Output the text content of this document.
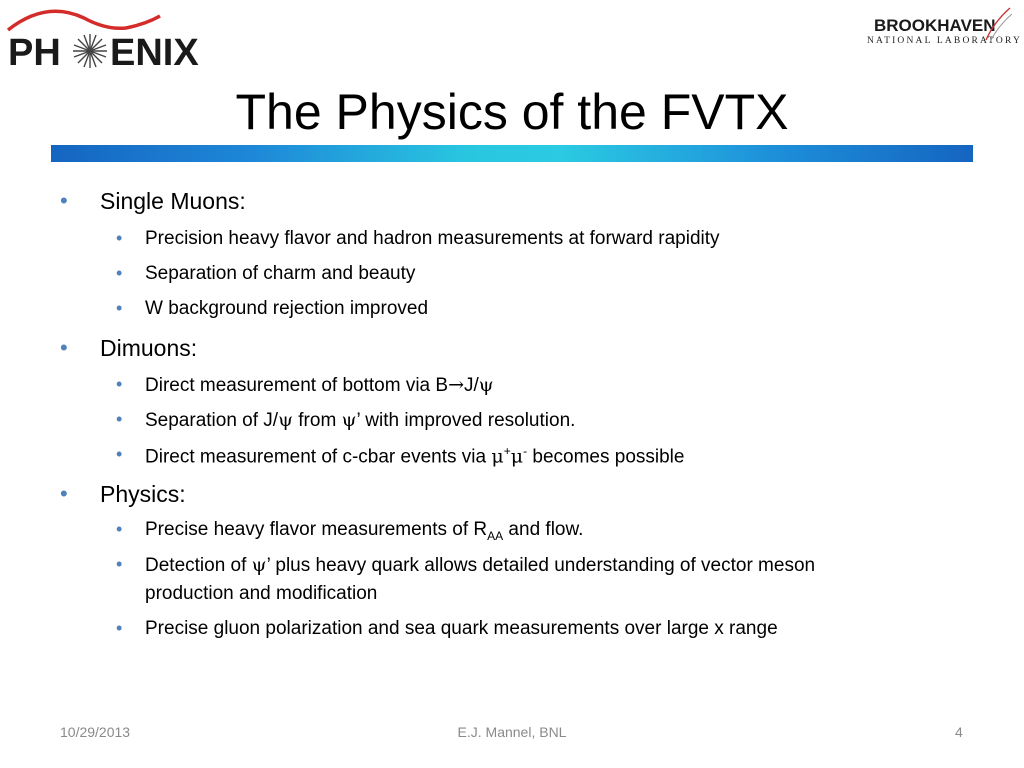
PH ENIX
BROOKHAVEN
NATIONAL LABORATORY
The Physics of the FVTX
• Single Muons:
• Precision heavy flavor and hadron measurements at forward rapidity
• Separation of charm and beauty
• W background rejection improved
• Dimuons:
• Direct measurement of bottom via B→J/ψ
• Separation of J/ψ from ψ’ with improved resolution.
• Direct measurement of c-cbar events via μ+μ- becomes possible
• Physics:
• Precise heavy flavor measurements of $R_{AA}$ and flow.
• Detection of ψ’ plus heavy quark allows detailed understanding of vector meson
production and modification
• Precise gluon polarization and sea quark measurements over large x range
10/29/2013	E.J. Mannel, BNL	4
